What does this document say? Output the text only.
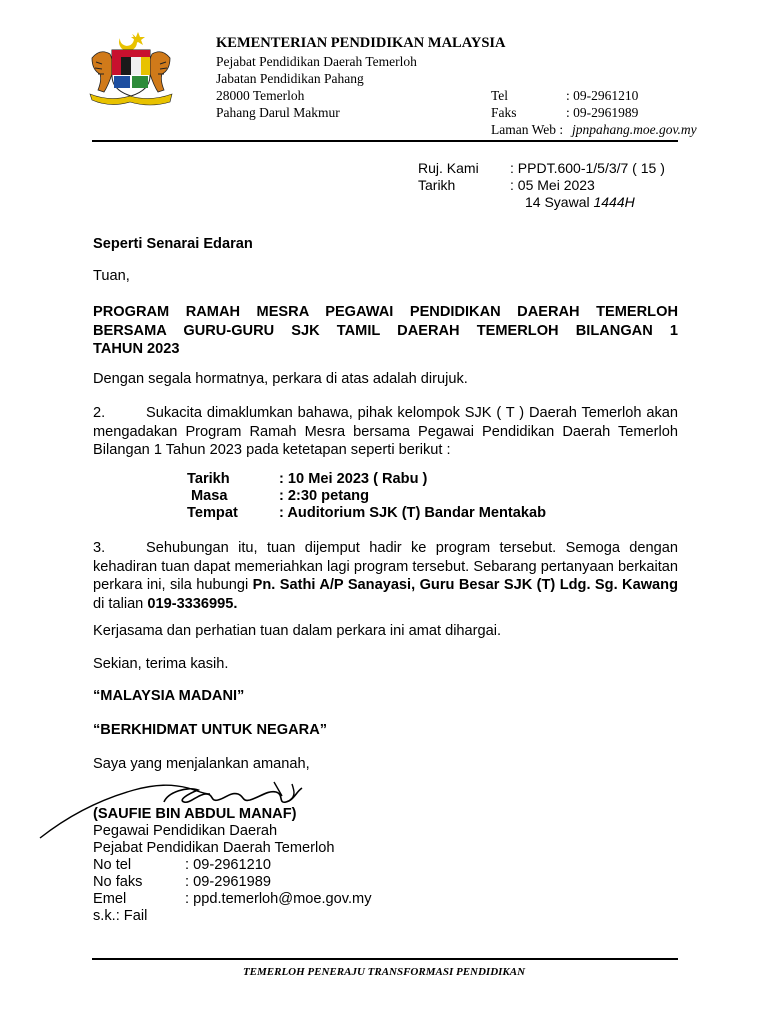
KEMENTERIAN PENDIDIKAN MALAYSIA
Pejabat Pendidikan Daerah Temerloh
Jabatan Pendidikan Pahang
28000 Temerloh
Pahang Darul Makmur
Tel	: 09-2961210
Faks	: 09-2961989
Laman Web : jpnpahang.moe.gov.my
Ruj. Kami : PPDT.600-1/5/3/7 ( 15 )
Tarikh	: 05 Mei 2023
14 Syawal 1444H
Seperti Senarai Edaran
Tuan,
PROGRAM RAMAH MESRA PEGAWAI PENDIDIKAN DAERAH TEMERLOH
BERSAMA GURU-GURU SJK TAMIL DAERAH TEMERLOH BILANGAN 1
TAHUN 2023
Dengan segala hormatnya, perkara di atas adalah dirujuk.
2.	Sukacita dimaklumkan bahawa, pihak kelompok SJK ( T ) Daerah Temerloh akan mengadakan Program Ramah Mesra bersama Pegawai Pendidikan Daerah Temerloh Bilangan 1 Tahun 2023 pada ketetapan seperti berikut :
Tarikh	: 10 Mei 2023 ( Rabu )
Masa	: 2:30 petang
Tempat	: Auditorium SJK (T) Bandar Mentakab
3.	Sehubungan itu, tuan dijemput hadir ke program tersebut. Semoga dengan kehadiran tuan dapat memeriahkan lagi program tersebut. Sebarang pertanyaan berkaitan perkara ini, sila hubungi Pn. Sathi A/P Sanayasi, Guru Besar SJK (T) Ldg. Sg. Kawang di talian 019-3336995.
Kerjasama dan perhatian tuan dalam perkara ini amat dihargai.
Sekian, terima kasih.
“MALAYSIA MADANI”
“BERKHIDMAT UNTUK NEGARA”
Saya yang menjalankan amanah,
(SAUFIE BIN ABDUL MANAF)
Pegawai Pendidikan Daerah
Pejabat Pendidikan Daerah Temerloh
No tel	: 09-2961210
No faks	: 09-2961989
Emel	: ppd.temerloh@moe.gov.my
s.k.: Fail
TEMERLOH PENERAJU TRANSFORMASI PENDIDIKAN
